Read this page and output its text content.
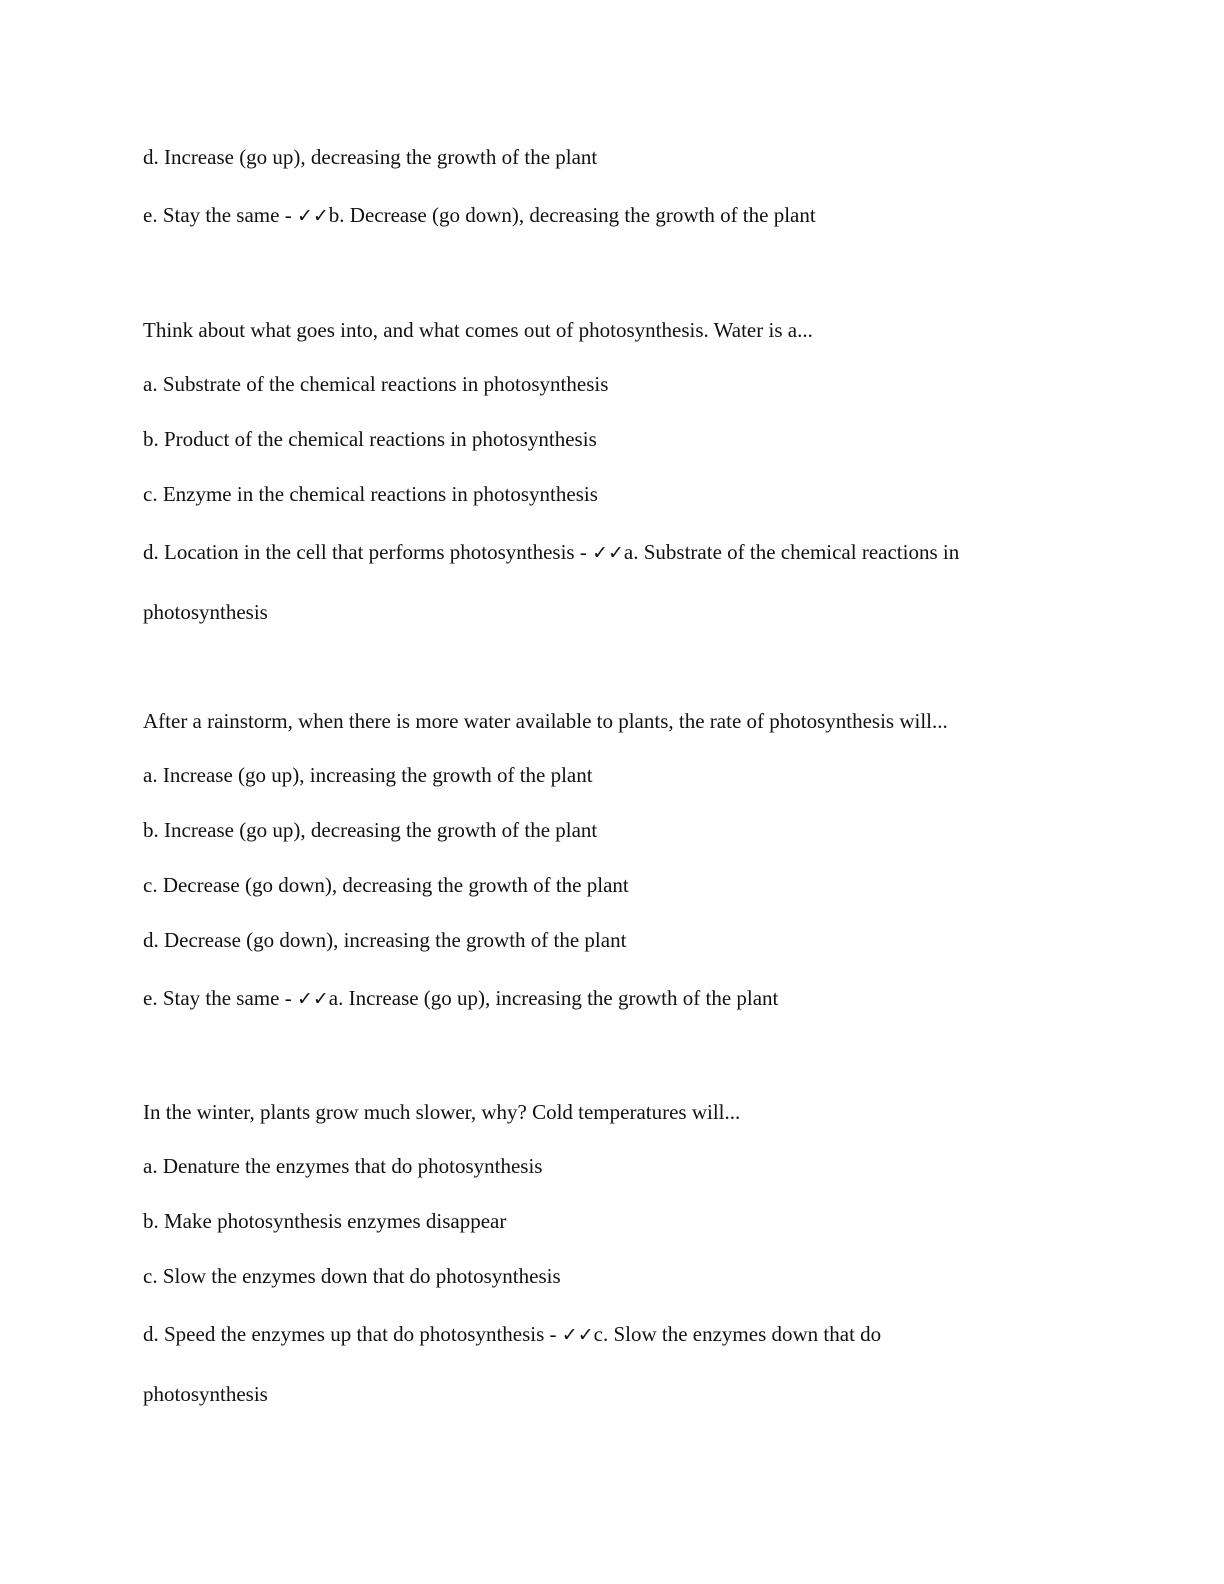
d. Increase (go up), decreasing the growth of the plant
e. Stay the same - ✓✓b. Decrease (go down), decreasing the growth of the plant
Think about what goes into, and what comes out of photosynthesis. Water is a...
a. Substrate of the chemical reactions in photosynthesis
b. Product of the chemical reactions in photosynthesis
c. Enzyme in the chemical reactions in photosynthesis
d. Location in the cell that performs photosynthesis - ✓✓a. Substrate of the chemical reactions in
photosynthesis
After a rainstorm, when there is more water available to plants, the rate of photosynthesis will...
a. Increase (go up), increasing the growth of the plant
b. Increase (go up), decreasing the growth of the plant
c. Decrease (go down), decreasing the growth of the plant
d. Decrease (go down), increasing the growth of the plant
e. Stay the same - ✓✓a. Increase (go up), increasing the growth of the plant
In the winter, plants grow much slower, why? Cold temperatures will...
a. Denature the enzymes that do photosynthesis
b. Make photosynthesis enzymes disappear
c. Slow the enzymes down that do photosynthesis
d. Speed the enzymes up that do photosynthesis - ✓✓c. Slow the enzymes down that do
photosynthesis
